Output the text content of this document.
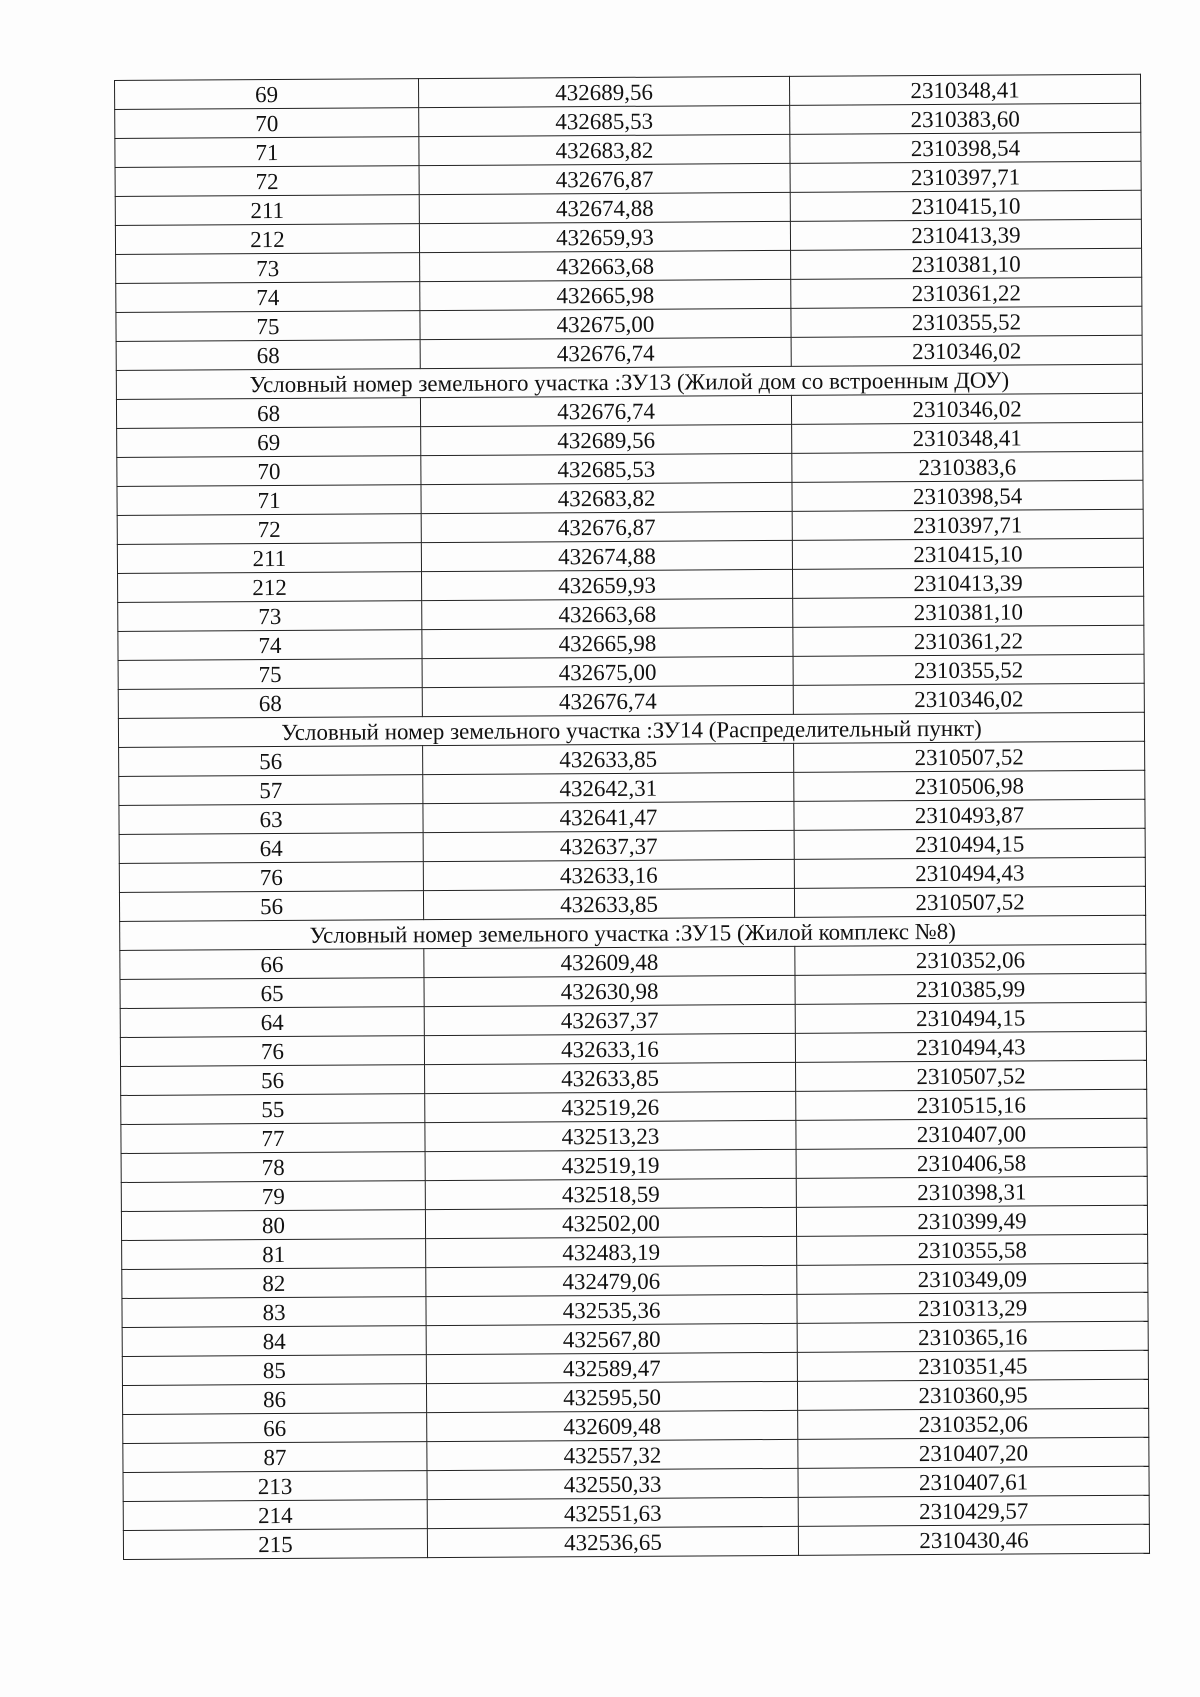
69	432689,56	2310348,41
70	432685,53	2310383,60
71	432683,82	2310398,54
72	432676,87	2310397,71
211	432674,88	2310415,10
212	432659,93	2310413,39
73	432663,68	2310381,10
74	432665,98	2310361,22
75	432675,00	2310355,52
68	432676,74	2310346,02
Условный номер земельного участка :ЗУ13 (Жилой дом со встроенным ДОУ)		
68	432676,74	2310346,02
69	432689,56	2310348,41
70	432685,53	2310383,6
71	432683,82	2310398,54
72	432676,87	2310397,71
211	432674,88	2310415,10
212	432659,93	2310413,39
73	432663,68	2310381,10
74	432665,98	2310361,22
75	432675,00	2310355,52
68	432676,74	2310346,02
Условный номер земельного участка :ЗУ14 (Распределительный пункт)		
56	432633,85	2310507,52
57	432642,31	2310506,98
63	432641,47	2310493,87
64	432637,37	2310494,15
76	432633,16	2310494,43
56	432633,85	2310507,52
Условный номер земельного участка :ЗУ15 (Жилой комплекс №8)		
66	432609,48	2310352,06
65	432630,98	2310385,99
64	432637,37	2310494,15
76	432633,16	2310494,43
56	432633,85	2310507,52
55	432519,26	2310515,16
77	432513,23	2310407,00
78	432519,19	2310406,58
79	432518,59	2310398,31
80	432502,00	2310399,49
81	432483,19	2310355,58
82	432479,06	2310349,09
83	432535,36	2310313,29
84	432567,80	2310365,16
85	432589,47	2310351,45
86	432595,50	2310360,95
66	432609,48	2310352,06
87	432557,32	2310407,20
213	432550,33	2310407,61
214	432551,63	2310429,57
215	432536,65	2310430,46
